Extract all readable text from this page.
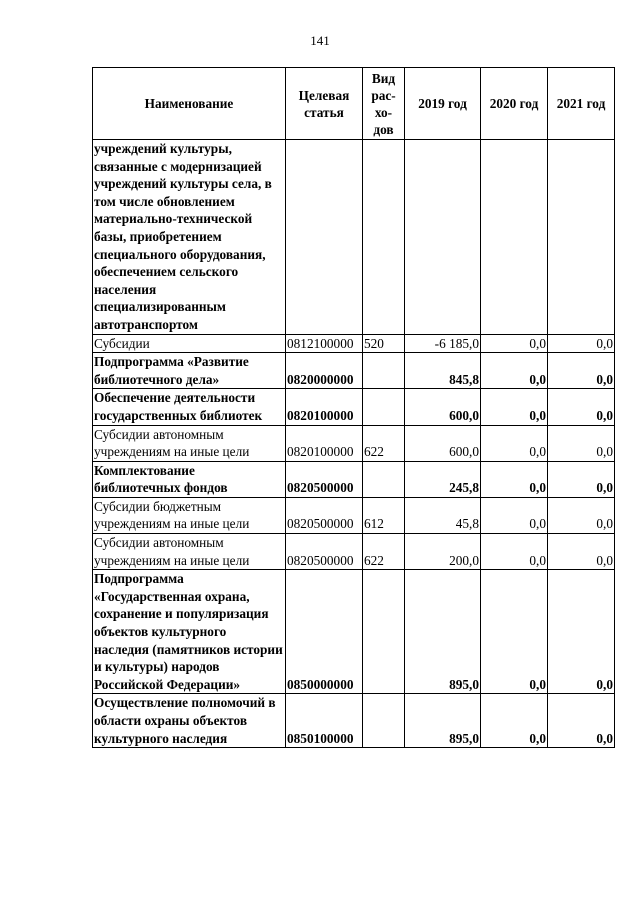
141
Наименование	Целевая статья	Вид рас-хо-дов	2019 год	2020 год	2021 год
учреждений культуры, связанные с модернизацией учреждений культуры села, в том числе обновлением материально-технической базы, приобретением специального оборудования, обеспечением сельского населения специализированным автотранспортом					
Субсидии	0812100000	520	-6 185,0	0,0	0,0
Подпрограмма «Развитие библиотечного дела»	0820000000		845,8	0,0	0,0
Обеспечение деятельности государственных библиотек	0820100000		600,0	0,0	0,0
Субсидии автономным учреждениям на иные цели	0820100000	622	600,0	0,0	0,0
Комплектование библиотечных фондов	0820500000		245,8	0,0	0,0
Субсидии бюджетным учреждениям на иные цели	0820500000	612	45,8	0,0	0,0
Субсидии автономным учреждениям на иные цели	0820500000	622	200,0	0,0	0,0
Подпрограмма «Государственная охрана, сохранение и популяризация объектов культурного наследия (памятников истории и культуры) народов Российской Федерации»	0850000000		895,0	0,0	0,0
Осуществление полномочий в области охраны объектов культурного наследия	0850100000		895,0	0,0	0,0
